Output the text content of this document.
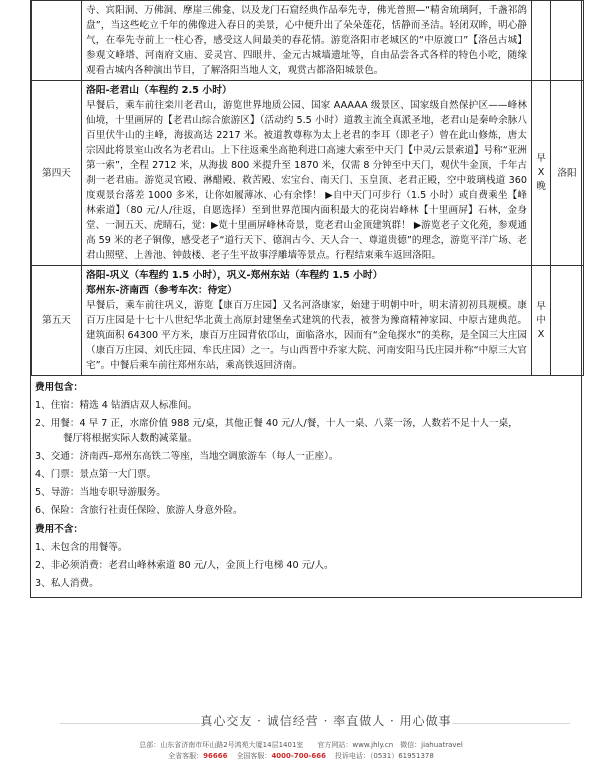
	寺、宾阳洞、万佛洞、摩崖三佛龛、以及龙门石窟经典作品奉先寺，佛光普照—“精舍琉璃阿，千盏祁鸽盘”，当这些屹立千年的佛像进入春日的美景，心中便升出了朵朵莲花，恬静而圣洁。轻闭双眸，明心静气，在奉先寺前上一柱心香，感受这人间最美的春花情。游览洛阳市老城区的“中原渡口”【洛邑古城】参观文峰塔、河南府文庙、妥灵宫、四眼井、金元古城墙遗址等，自由品尝各式各样的特色小吃，随缘观看古城内各种演出节目，了解洛阳当地人文，观赏古都洛阳城景色。		

第四天	洛阳-老君山（车程约 2.5 小时）
早餐后，乘车前往栾川老君山，游览世界地质公园、国家 AAAAA 级景区、国家级自然保护区——峰林仙境，十里画屏的【老君山综合旅游区】（活动约 5.5 小时）道教主流全真派圣地，老君山是秦岭余脉八百里伏牛山的主峰，海拔高达 2217 米。被道教尊称为太上老君的李耳（即老子）曾在此山修炼，唐太宗因此将景室山改名为老君山。上下往返乘坐高艳利进口高速大索至中天门【中灵/云景索道】号称“亚洲第一索”，全程 2712 米，从海拔 800 米提升至 1870 米，仅需 8 分钟至中天门，观伏牛金顶，千年古刹一老君庙。游览灵官殿、淋醋殿、救苦殿、宏宝台、南天门、玉皇顶、老君正殿，空中玻璃栈道 360 度观景台落差 1000 多米，让你如履薄冰、心有余悸！ ▶自中天门可步行（1.5 小时）或自费乘坐【峰林索道】（80 元/人/往返，自愿选择）至到世界范围内面积最大的花岗岩峰林【十里画屏】石林，金身堂、一洞五天、虎睛石，觉：▶览十里画屏峰林奇景，览老君山金顶建筑群！ ▶游览老子文化苑，参观通高 59 米的老子铜像，感受老子“道行天下、德润古今、天人合一、尊道贵德”的理念，游览平洋广场、老君山照壁、上善池、钟鼓楼、老子生平故事浮雕墙等景点。行程结束乘车返回洛阳。	早 X 晚	洛阳
第五天	洛阳-巩义（车程约 1.5 小时），巩义-郑州东站（车程约 1.5 小时）
郑州东-济南西（参考车次：待定）
早餐后，乘车前往巩义，游览【康百万庄园】又名河洛康家，始建于明朝中叶，明末清初初具规模。康百万庄园是十七十八世纪华北黄土高原封建堡垒式建筑的代表，被誉为豫商精神家园、中原古建典范。建筑面积 64300 平方米，康百万庄园背依邙山，面临洛水，因而有“金龟探水”的美称，是全国三大庄园（康百万庄园、刘氏庄园、牟氏庄园）之一。与山西晋中乔家大院、河南安阳马氏庄园并称“中原三大官宅”。中餐后乘车前往郑州东站，乘高铁返回济南。	早 中 X	
费用包含：
1、住宿：精选 4 钻酒店双人标准间。
2、用餐：4 早 7 正，水席价值 988 元/桌，其他正餐 40 元/人/餐，十人一桌、八菜一汤，人数若不足十人一桌，
餐厅将根据实际人数酌减菜量。
3、交通：济南西–郑州东高铁二等座，当地空调旅游车（每人一正座）。
4、门票：景点第一大门票。
5、导游：当地专职导游服务。
6、保险：含旅行社责任保险、旅游人身意外险。
费用不含：
1、未包含的用餐等。
2、非必须消费：老君山峰林索道 80 元/人，金顶上行电梯 40 元/人。
3、私人消费。
真心交友 · 诚信经营 · 率直做人 · 用心做事
总部：山东省济南市环山路2号鸿苑大厦14层1401室　　官方网站：www.jhly.cn　微信：jiahuatravel
全省客服：96666 全国客服：4000-700-666 投诉电话：（0531）61951378
